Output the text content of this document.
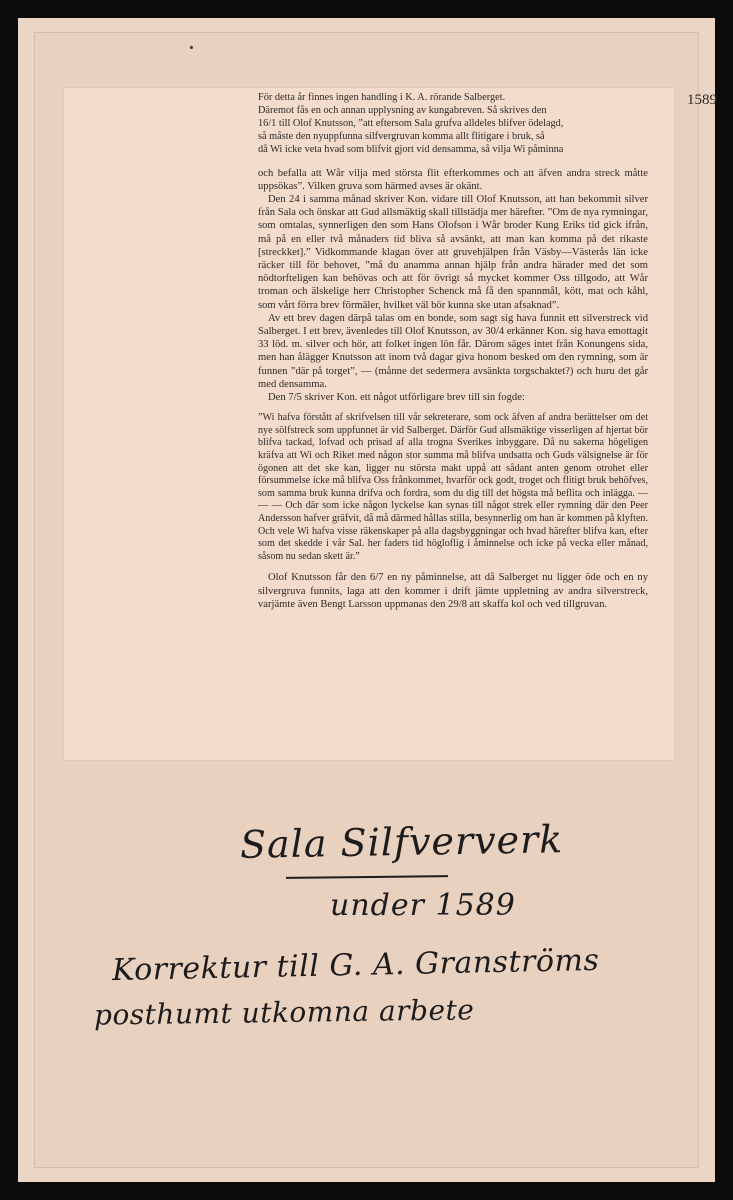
1589

För detta år finnes ingen handling i K. A. rörande Salberget.

Däremot fås en och annan upplysning av kungabreven. Så skrives den

16/1 till Olof Knutsson, ”att eftersom Sala grufva alldeles blifver ödelagd,

så måste den nyuppfunna silfvergruvan komma allt flitigare i bruk, så

då Wi icke veta hvad som blifvit gjort vid densamma, så vilja Wi påminna

och befalla att Wår vilja med största flit efterkommes och att äfven andra streck måtte uppsökas”. Vilken gruva som härmed avses är okänt.

Den 24 i samma månad skriver Kon. vidare till Olof Knutsson, att han bekommit silver från Sala och önskar att Gud allsmäktig skall tillstädja mer härefter. ”Om de nya rymningar, som omtalas, synnerligen den som Hans Olofson i Wår broder Kung Eriks tid gick ifrån, må på en eller två månaders tid bliva så avsänkt, att man kan komma på det rikaste [streckket].” Vidkommande klagan över att gruvehjälpen från Väsby—Västerås län icke räcker till för behovet, ”må du anamma annan hjälp från andra härader med det som nödtorfteligen kan behövas och att för övrigt så mycket kommer Oss tillgodo, att Wår troman och älskelige herr Christopher Schenck må få den spannmål, kött, mat och kåhl, som vårt förra brev förmäler, hvilket väl bör kunna ske utan afsaknad”.

Av ett brev dagen därpå talas om en bonde, som sagt sig hava funnit ett silverstreck vid Salberget. I ett brev, ävenledes till Olof Knutsson, av 30/4 erkänner Kon. sig hava emottagit 33 löd. m. silver och hör, att folket ingen lön får. Därom säges intet från Konungens sida, men han ålägger Knutsson att inom två dagar giva honom besked om den rymning, som är funnen ”där på torget”, — (månne det sedermera avsänkta torgschaktet?) och huru det går med densamma.

Den 7/5 skriver Kon. ett något utförligare brev till sin fogde:

”Wi hafva förstått af skrifvelsen till vår sekreterare, som ock äfven af andra berättelser om det nye sölfstreck som uppfunnet är vid Salberget. Därför Gud allsmäktige visserligen af hjertat bör blifva tackad, lofvad och prisad af alla trogna Sverikes inbyggare. Då nu sakerna högeligen kräfva att Wi och Riket med någon stor summa må blifva undsatta och Guds välsignelse är för ögonen att det ske kan, ligger nu största makt uppå att sådant anten genom otrohet eller försummelse icke må blifva Oss frånkommet, hvarför ock godt, troget och flitigt bruk behöfves, som samma bruk kunna drifva och fordra, som du dig till det högsta må beflita och inlägga. — — — Och där som icke någon lyckelse kan synas till något strek eller rymning där den Peer Andersson hafver gräfvit, då må därmed hållas stilla, besynnerlig om han är kommen på klyften. Och vele Wi hafva visse räkenskaper på alla dagsbyggningar och hvad härefter blifva kan, efter som det skedde i vår Sal. her faders tid högloflig i åminnelse och icke på vecka eller månad, såsom nu sedan skett är.”

Olof Knutsson får den 6/7 en ny påminnelse, att då Salberget nu ligger öde och en ny silvergruva funnits, laga att den kommer i drift jämte uppletning av andra silverstreck, varjämte även Bengt Larsson uppmanas den 29/8 att skaffa kol och ved tillgruvan.

Sala Silfververk
under 1589
Korrektur till G. A. Granströms
posthumt utkomna arbete
